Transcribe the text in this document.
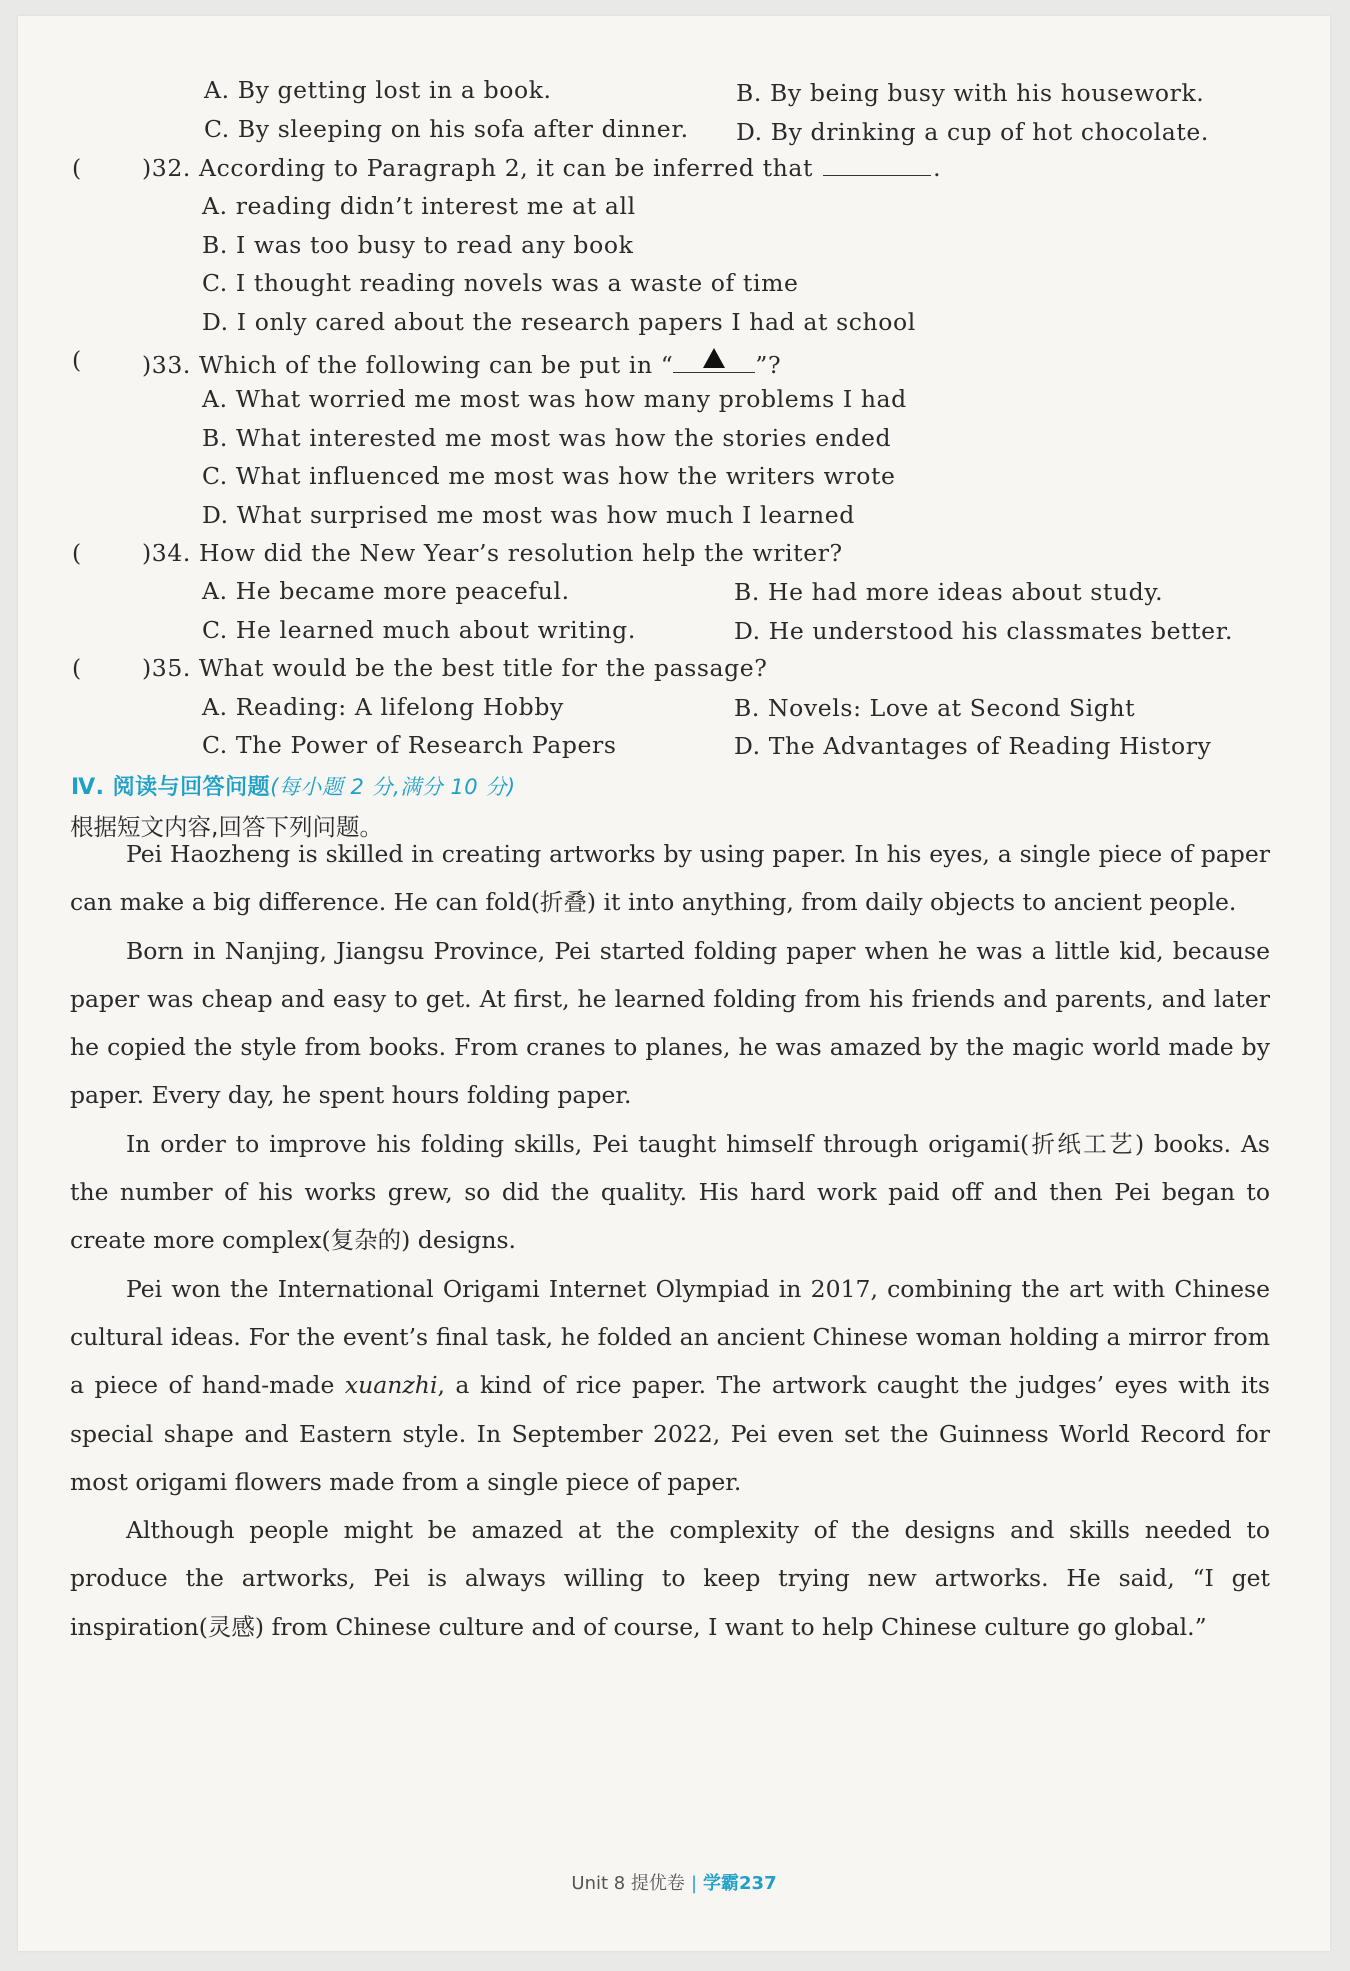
A. By getting lost in a book.	B. By being busy with his housework.
C. By sleeping on his sofa after dinner. D. By drinking a cup of hot chocolate.
(	)32. According to Paragraph 2, it can be inferred that	.
A. reading didn’t interest me at all
B. I was too busy to read any book
C. I thought reading novels was a waste of time
D. I only cared about the research papers I had at school
(	)33. Which of the following can be put in “	”?
A. What worried me most was how many problems I had
B. What interested me most was how the stories ended
C. What influenced me most was how the writers wrote
D. What surprised me most was how much I learned
(	)34. How did the New Year’s resolution help the writer?
A. He became more peaceful.	B. He had more ideas about study.
C. He learned much about writing.	D. He understood his classmates better.
(	)35. What would be the best title for the passage?
A. Reading: A lifelong Hobby	B. Novels: Love at Second Sight
C. The Power of Research Papers	D. The Advantages of Reading History
Ⅳ. 阅读与回答问题(每小题 2 分,满分 10 分)
根据短文内容,回答下列问题。

Pei Haozheng is skilled in creating artworks by using paper. In his eyes, a single piece of paper can make a big difference. He can fold(折叠) it into anything, from daily objects to ancient people.

Born in Nanjing, Jiangsu Province, Pei started folding paper when he was a little kid, because paper was cheap and easy to get. At first, he learned folding from his friends and parents, and later he copied the style from books. From cranes to planes, he was amazed by the magic world made by paper. Every day, he spent hours folding paper.

In order to improve his folding skills, Pei taught himself through origami(折纸工艺) books. As the number of his works grew, so did the quality. His hard work paid off and then Pei began to create more complex(复杂的) designs.

Pei won the International Origami Internet Olympiad in 2017, combining the art with Chinese cultural ideas. For the event’s final task, he folded an ancient Chinese woman holding a mirror from a piece of hand-made xuanzhi, a kind of rice paper. The artwork caught the judges’ eyes with its special shape and Eastern style. In September 2022, Pei even set the Guinness World Record for most origami flowers made from a single piece of paper.

Although people might be amazed at the complexity of the designs and skills needed to produce the artworks, Pei is always willing to keep trying new artworks. He said, “I get inspiration(灵感) from Chinese culture and of course, I want to help Chinese culture go global.”

Unit 8 提优卷 | 学霸237
